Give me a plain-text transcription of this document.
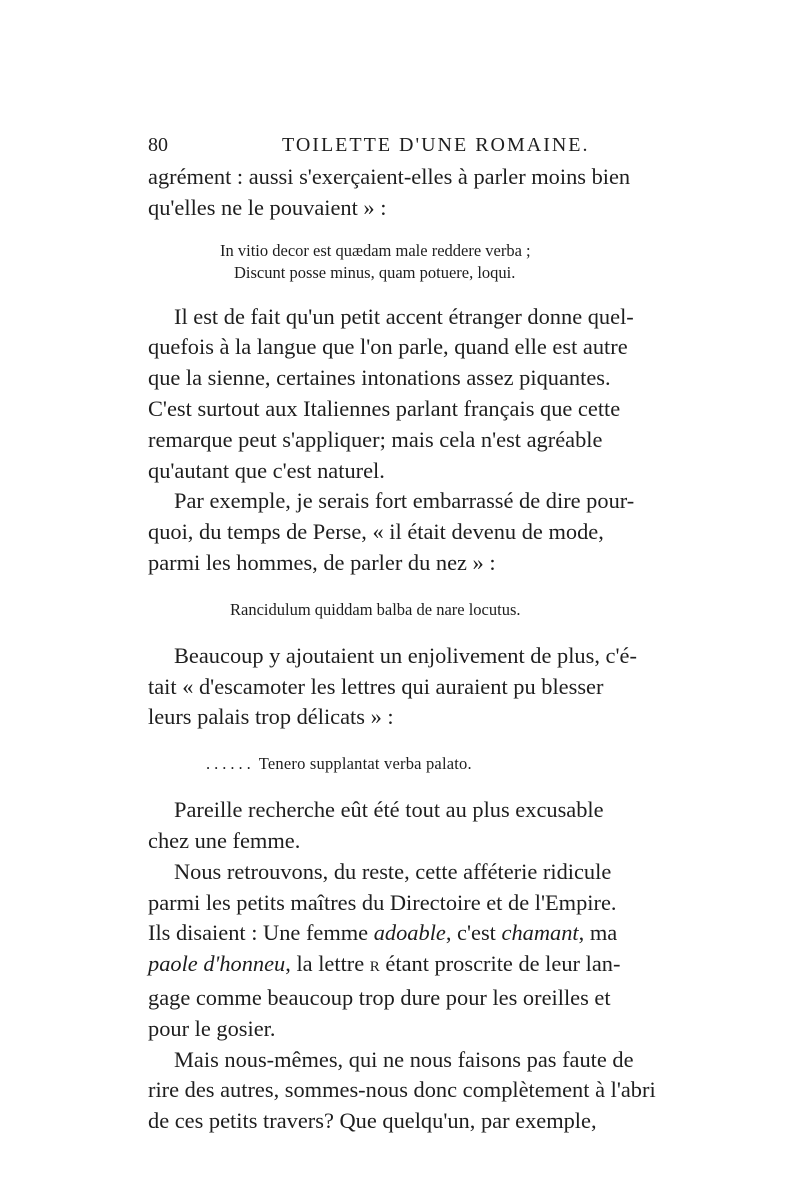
80	TOILETTE D'UNE ROMAINE.

agrément : aussi s'exerçaient-elles à parler moins bien
qu'elles ne le pouvaient » :

In vitio decor est quædam male reddere verba ;
Discunt posse minus, quam potuere, loqui.

Il est de fait qu'un petit accent étranger donne quel-
quefois à la langue que l'on parle, quand elle est autre
que la sienne, certaines intonations assez piquantes.
C'est surtout aux Italiennes parlant français que cette
remarque peut s'appliquer; mais cela n'est agréable
qu'autant que c'est naturel.

Par exemple, je serais fort embarrassé de dire pour-
quoi, du temps de Perse, « il était devenu de mode,
parmi les hommes, de parler du nez » :

Rancidulum quiddam balba de nare locutus.

Beaucoup y ajoutaient un enjolivement de plus, c'é-
tait « d'escamoter les lettres qui auraient pu blesser
leurs palais trop délicats » :

...... Tenero supplantat verba palato.

Pareille recherche eût été tout au plus excusable
chez une femme.

Nous retrouvons, du reste, cette afféterie ridicule
parmi les petits maîtres du Directoire et de l'Empire.
Ils disaient : Une femme adoable, c'est chamant, ma
paole d'honneu, la lettre R étant proscrite de leur lan-
gage comme beaucoup trop dure pour les oreilles et
pour le gosier.

Mais nous-mêmes, qui ne nous faisons pas faute de
rire des autres, sommes-nous donc complètement à l'abri
de ces petits travers? Que quelqu'un, par exemple,
